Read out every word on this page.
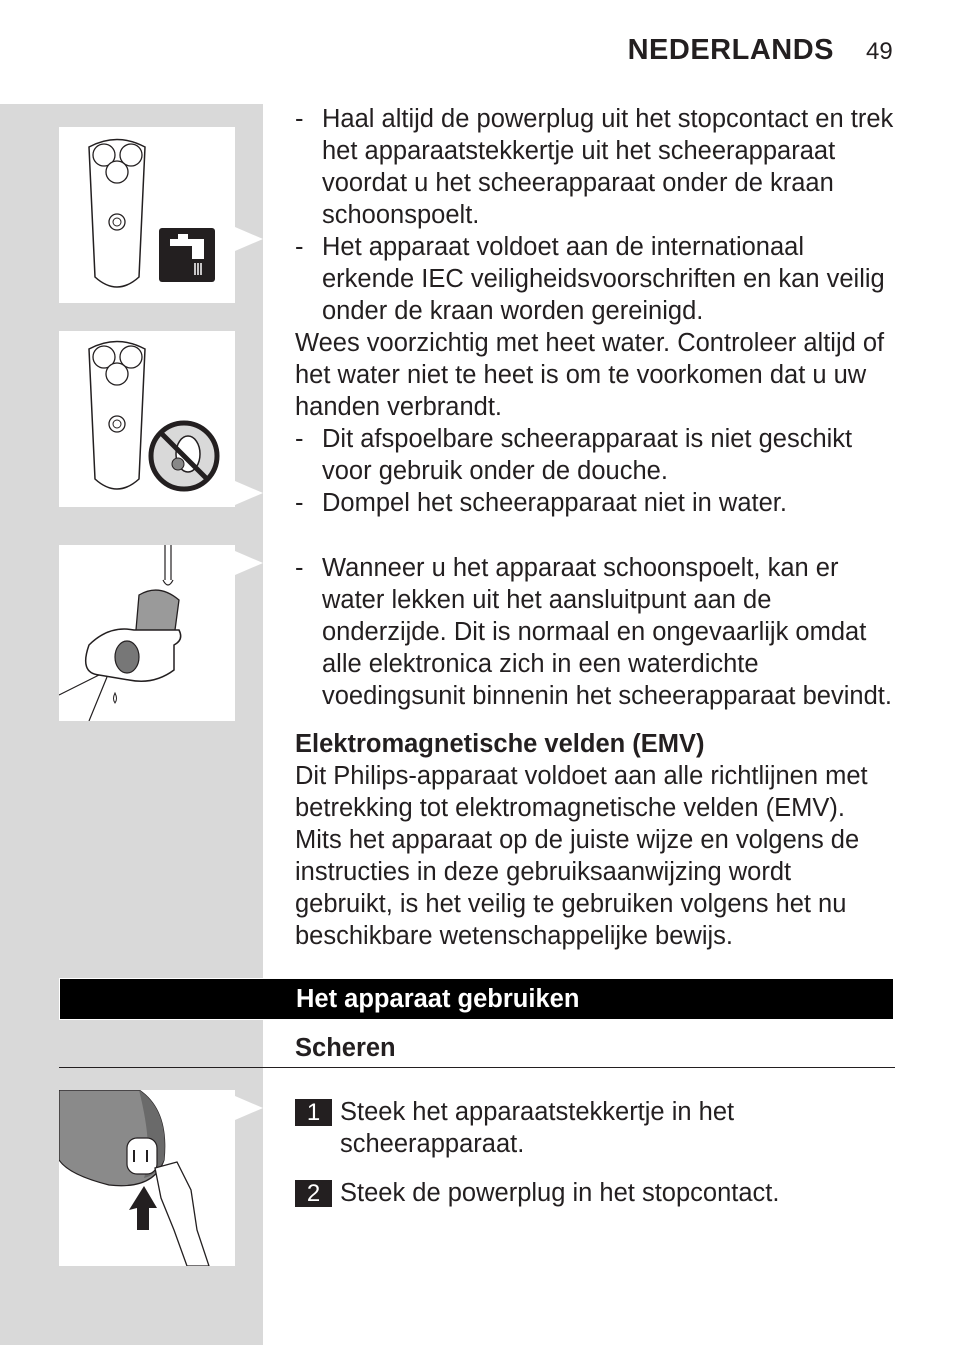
NEDERLANDS 49
- Haal altijd de powerplug uit het stopcontact en trek het apparaatstekkertje uit het scheerapparaat voordat u het scheerapparaat onder de kraan schoonspoelt.
- Het apparaat voldoet aan de internationaal erkende IEC veiligheidsvoorschriften en kan veilig onder de kraan worden gereinigd.
Wees voorzichtig met heet water. Controleer altijd of het water niet te heet is om te voorkomen dat u uw handen verbrandt.
- Dit afspoelbare scheerapparaat is niet geschikt voor gebruik onder de douche.
- Dompel het scheerapparaat niet in water.
- Wanneer u het apparaat schoonspoelt, kan er water lekken uit het aansluitpunt aan de onderzijde. Dit is normaal en ongevaarlijk omdat alle elektronica zich in een waterdichte voedingsunit binnenin het scheerapparaat bevindt.
Elektromagnetische velden (EMV)
Dit Philips-apparaat voldoet aan alle richtlijnen met betrekking tot elektromagnetische velden (EMV). Mits het apparaat op de juiste wijze en volgens de instructies in deze gebruiksaanwijzing wordt gebruikt, is het veilig te gebruiken volgens het nu beschikbare wetenschappelijke bewijs.
Het apparaat gebruiken
Scheren
1 Steek het apparaatstekkertje in het scheerapparaat.
2 Steek de powerplug in het stopcontact.
